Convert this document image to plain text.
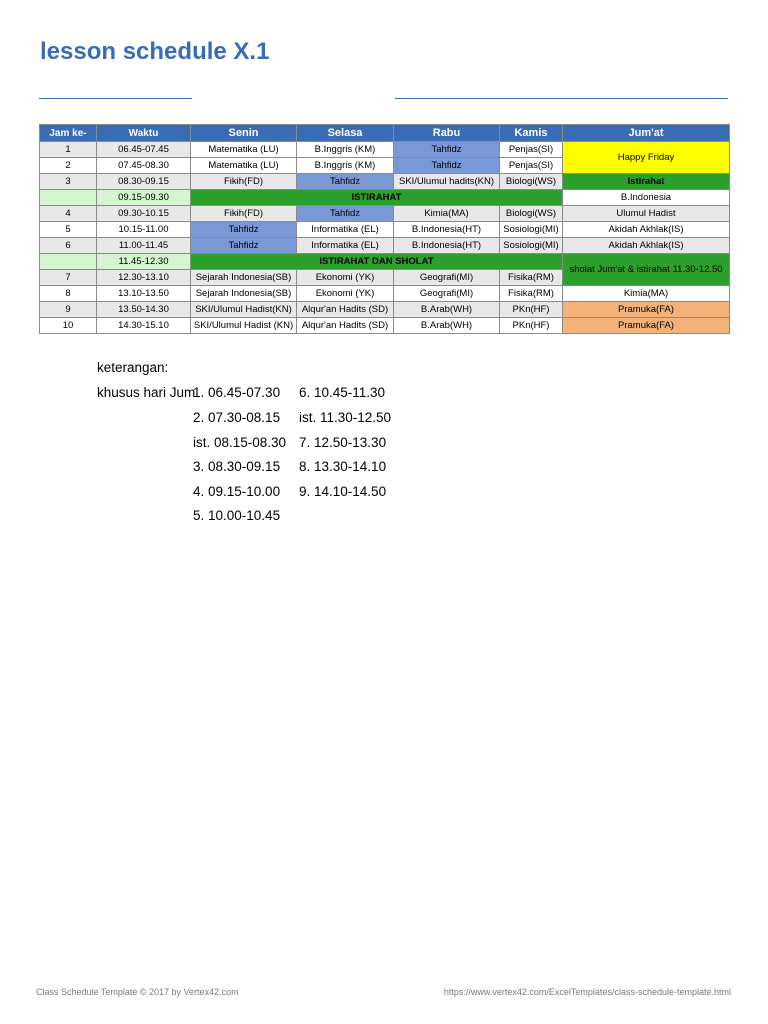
lesson schedule X.1
Jam ke-	Waktu	Senin	Selasa	Rabu	Kamis	Jum'at
1	06.45-07.45	Matematika (LU)	B.Inggris (KM)	Tahfidz	Penjas(SI)	Happy Friday
2	07.45-08.30	Matematika (LU)	B.Inggris (KM)	Tahfidz	Penjas(SI)	
3	08.30-09.15	Fikih(FD)	Tahfidz	SKI/Ulumul hadits(KN)	Biologi(WS)	Istirahat
	09.15-09.30	ISTIRAHAT				B.Indonesia
4	09.30-10.15	Fikih(FD)	Tahfidz	Kimia(MA)	Biologi(WS)	Ulumul Hadist
5	10.15-11.00	Tahfidz	Informatika (EL)	B.Indonesia(HT)	Sosiologi(MI)	Akidah Akhlak(IS)
6	11.00-11.45	Tahfidz	Informatika (EL)	B.Indonesia(HT)	Sosiologi(MI)	Akidah Akhlak(IS)
	11.45-12.30	ISTIRAHAT DAN SHOLAT				sholat Jum'at & istirahat 11.30-12.50
7	12.30-13.10	Sejarah Indonesia(SB)	Ekonomi (YK)	Geografi(MI)	Fisika(RM)	
8	13.10-13.50	Sejarah Indonesia(SB)	Ekonomi (YK)	Geografi(MI)	Fisika(RM)	Kimia(MA)
9	13.50-14.30	SKI/Ulumul Hadist(KN)	Alqur'an Hadits (SD)	B.Arab(WH)	PKn(HF)	Pramuka(FA)
10	14.30-15.10	SKI/Ulumul Hadist (KN)	Alqur'an Hadits (SD)	B.Arab(WH)	PKn(HF)	Pramuka(FA)
keterangan:
khusus hari Jum
1. 06.45-07.30
2. 07.30-08.15
ist. 08.15-08.30
3. 08.30-09.15
4. 09.15-10.00
5. 10.00-10.45
6. 10.45-11.30
ist. 11.30-12.50
7. 12.50-13.30
8. 13.30-14.10
9. 14.10-14.50
Class Schedule Template © 2017 by Vertex42.com	https://www.vertex42.com/ExcelTemplates/class-schedule-template.html
